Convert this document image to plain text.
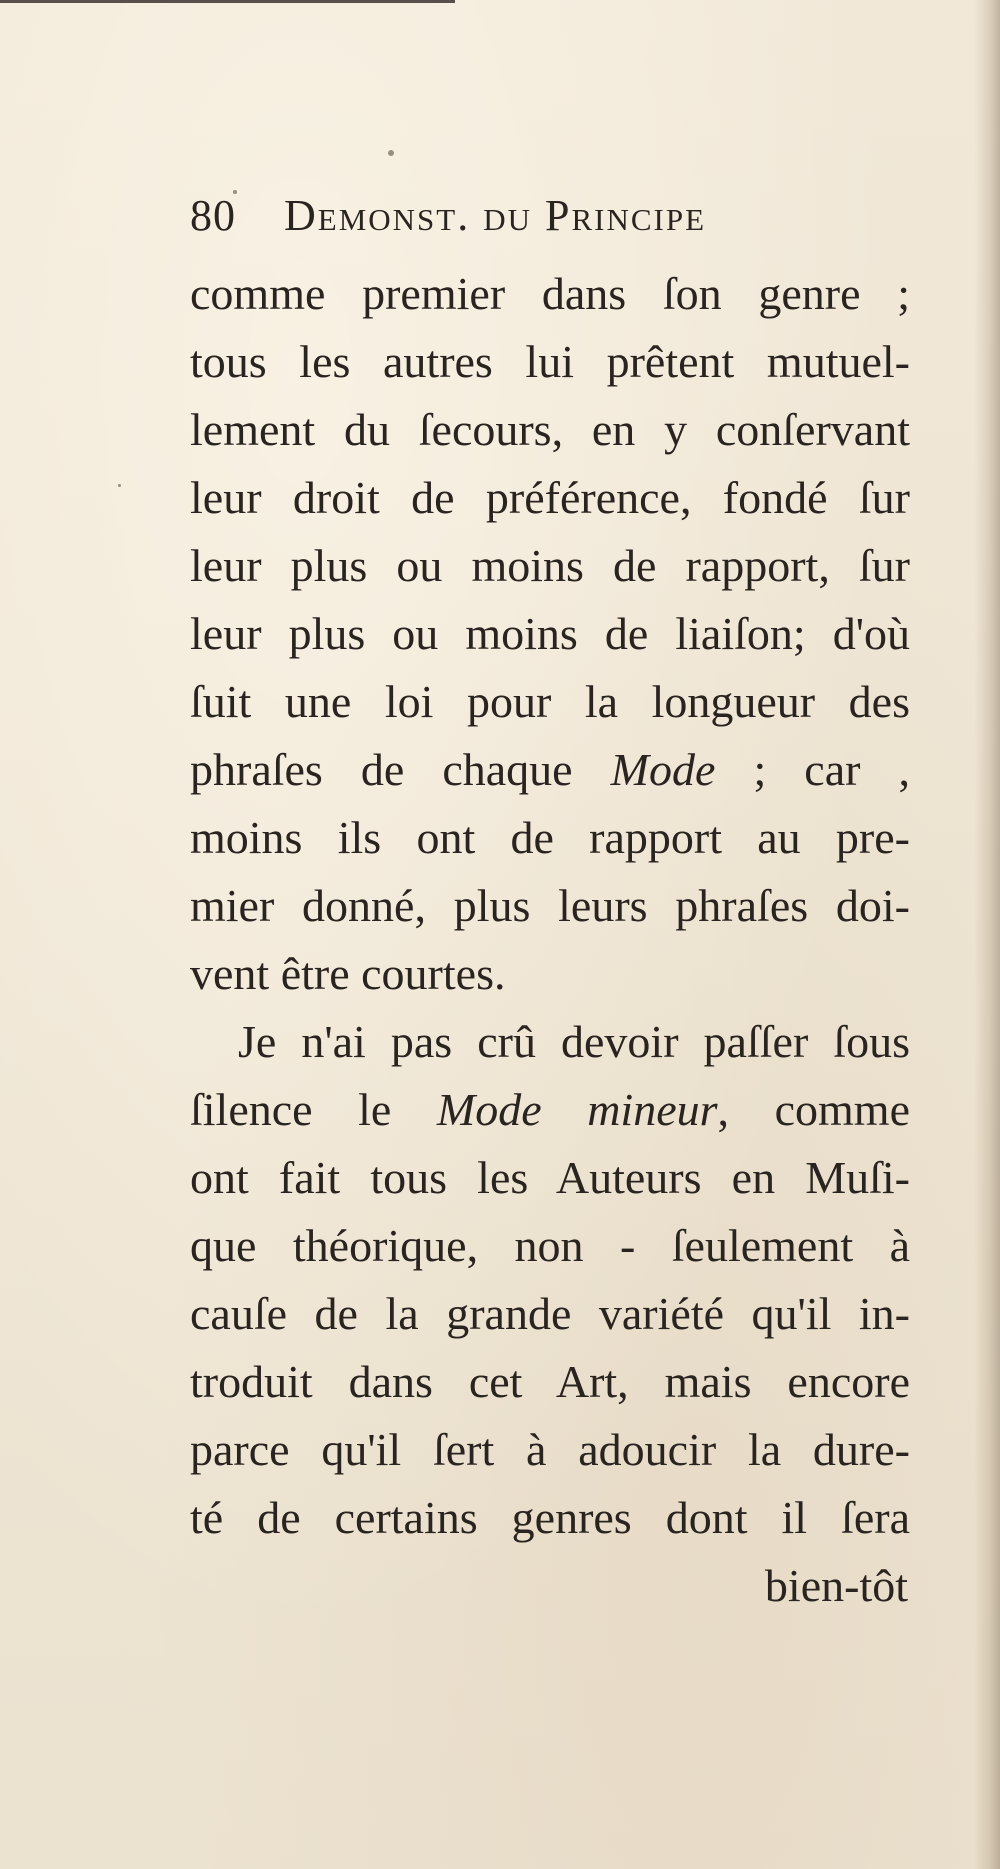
80 Demonst. du Principe
comme premier dans ſon genre ;
tous les autres lui prêtent mutuel-
lement du ſecours, en y conſervant
leur droit de préférence, fondé ſur
leur plus ou moins de rapport, ſur
leur plus ou moins de liaiſon; d'où
ſuit une loi pour la longueur des
phraſes de chaque Mode ; car ,
moins ils ont de rapport au pre-
mier donné, plus leurs phraſes doi-
vent être courtes.
Je n'ai pas crû devoir paſſer ſous
ſilence le Mode mineur, comme
ont fait tous les Auteurs en Muſi-
que théorique, non - ſeulement à
cauſe de la grande variété qu'il in-
troduit dans cet Art, mais encore
parce qu'il ſert à adoucir la dure-
té de certains genres dont il ſera
bien-tôt
